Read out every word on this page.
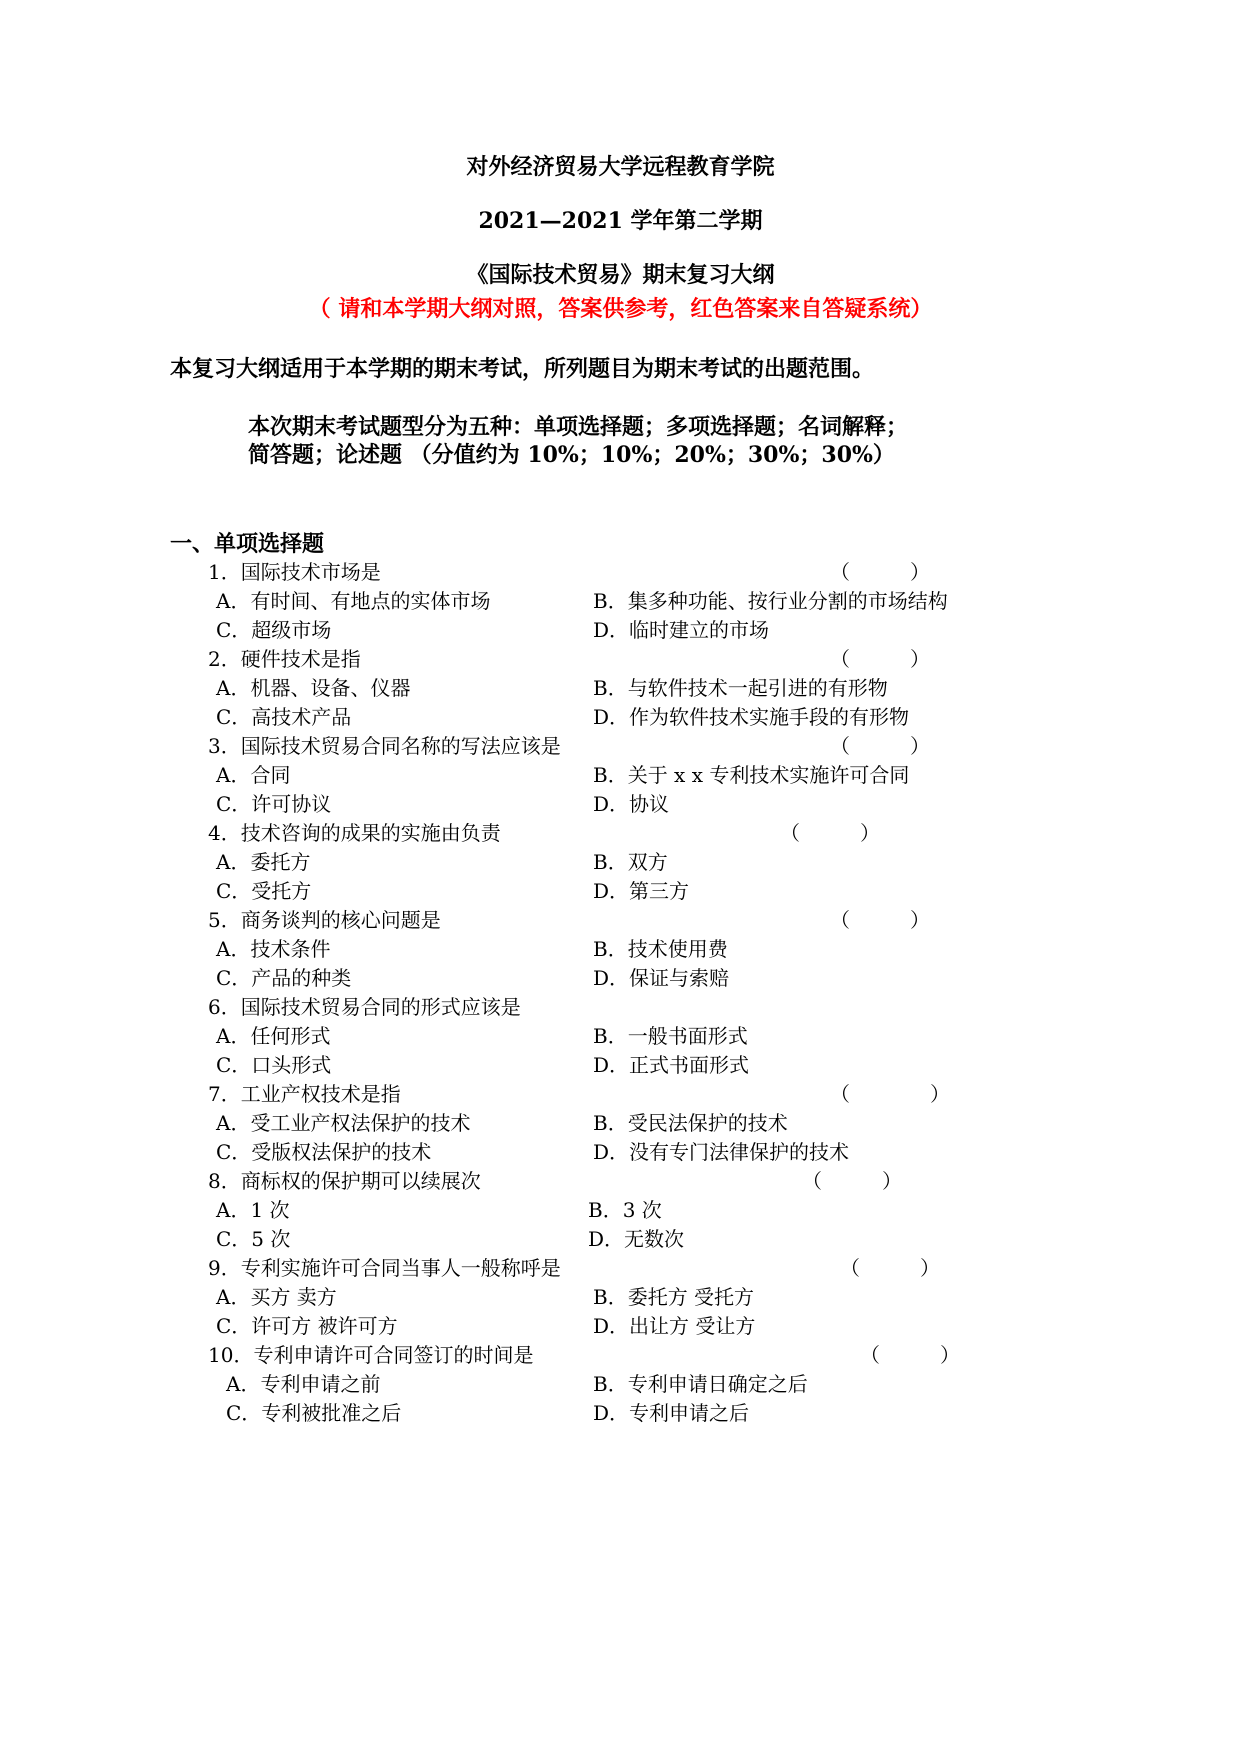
对外经济贸易大学远程教育学院
2021—2021 学年第二学期
《国际技术贸易》期末复习大纲
（ 请和本学期大纲对照，答案供参考，红色答案来自答疑系统）
本复习大纲适用于本学期的期末考试，所列题目为期末考试的出题范围。
本次期末考试题型分为五种：单项选择题；多项选择题；名词解释；
简答题；论述题 （分值约为 10%；10%；20%；30%；30%）
一、单项选择题
1．国际技术市场是	（　　　）
A．有时间、有地点的实体市场	B．集多种功能、按行业分割的市场结构
C．超级市场	D．临时建立的市场
2．硬件技术是指	（　　　）
A．机器、设备、仪器	B．与软件技术一起引进的有形物
C．高技术产品	D．作为软件技术实施手段的有形物
3．国际技术贸易合同名称的写法应该是	（　　　）
A．合同	B．关于 x x 专利技术实施许可合同
C．许可协议	D．协议
4．技术咨询的成果的实施由负责	（　　　）
A．委托方	B．双方
C．受托方	D．第三方
5．商务谈判的核心问题是	（　　　）
A．技术条件	B．技术使用费
C．产品的种类	D．保证与索赔
6．国际技术贸易合同的形式应该是
A．任何形式	B．一般书面形式
C．口头形式	D．正式书面形式
7．工业产权技术是指	（　　　　）
A．受工业产权法保护的技术	B．受民法保护的技术
C．受版权法保护的技术	D．没有专门法律保护的技术
8．商标权的保护期可以续展次	（　　　）
A．1 次	B．3 次
C．5 次	D．无数次
9．专利实施许可合同当事人一般称呼是	（　　　）
A．买方 卖方	B．委托方 受托方
C．许可方 被许可方	D．出让方 受让方
10．专利申请许可合同签订的时间是	（　　　）
A．专利申请之前	B．专利申请日确定之后
C．专利被批准之后	D．专利申请之后
